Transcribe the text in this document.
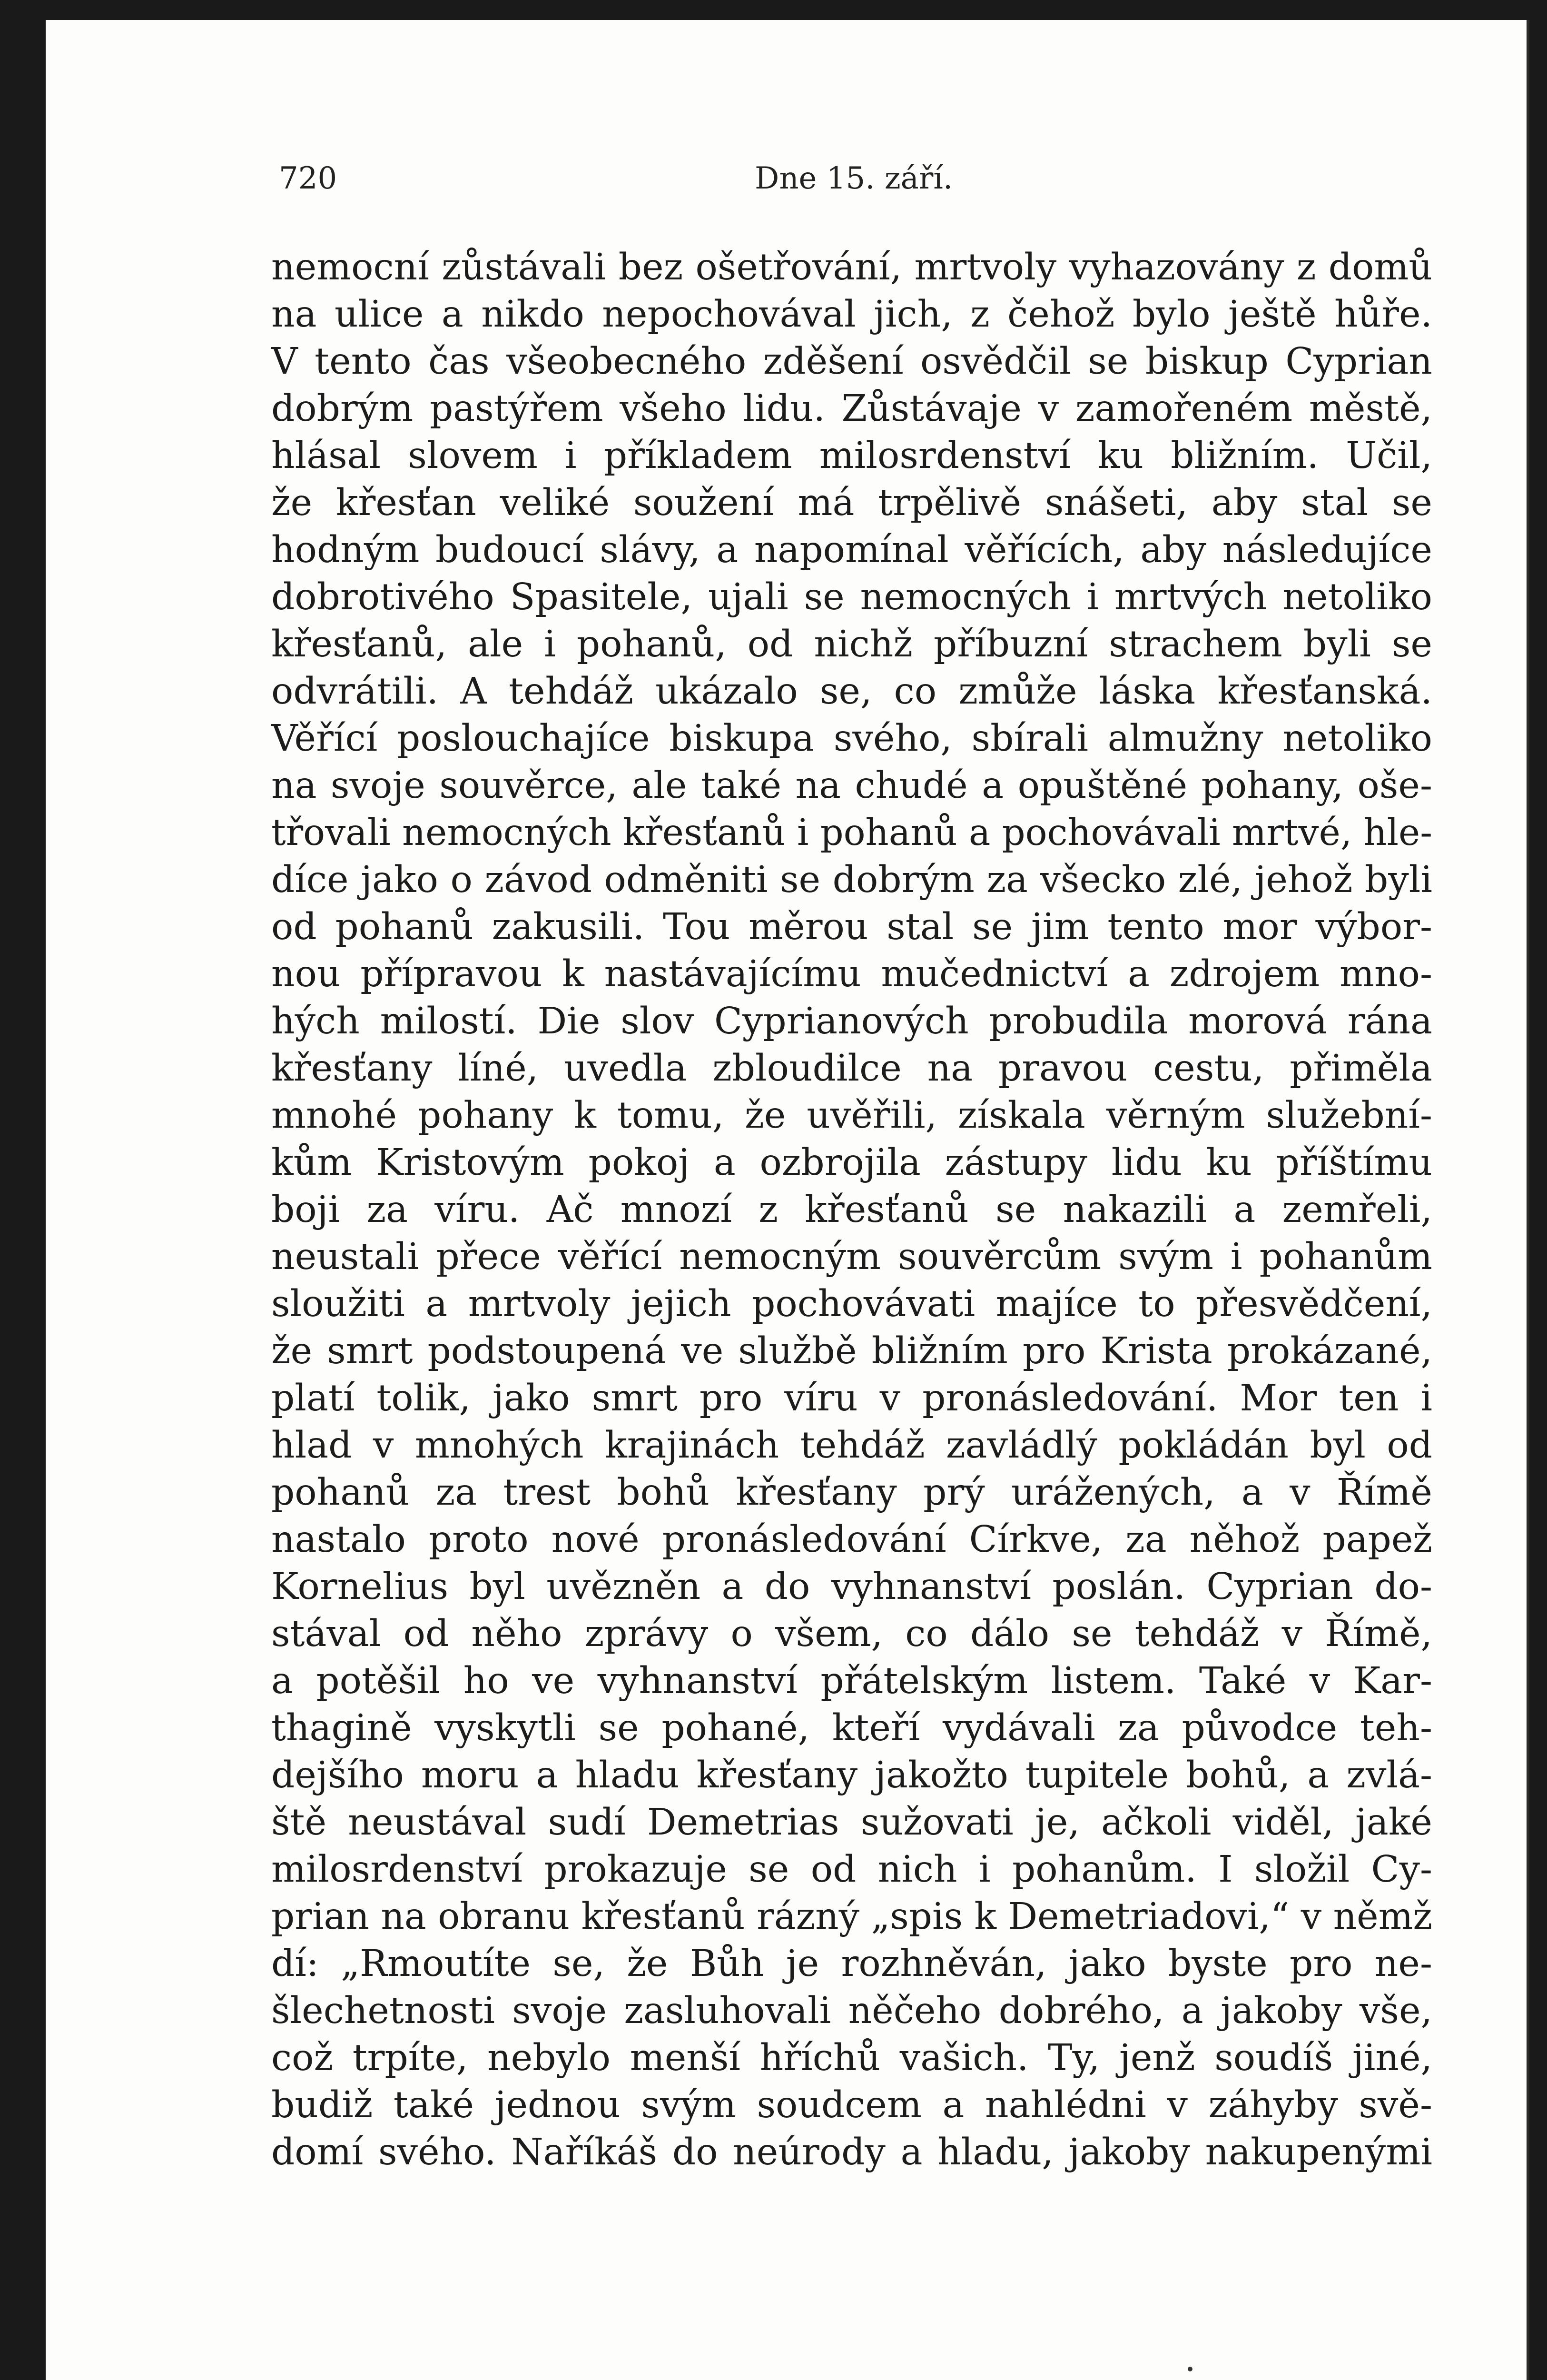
720	Dne 15. září.
nemocní zůstávali bez ošetřování, mrtvoly vyhazovány z domů
na ulice a nikdo nepochovával jich, z čehož bylo ještě hůře.
V tento čas všeobecného zděšení osvědčil se biskup Cyprian
dobrým pastýřem všeho lidu. Zůstávaje v zamořeném městě,
hlásal slovem i příkladem milosrdenství ku bližním. Učil,
že křesťan veliké soužení má trpělivě snášeti, aby stal se
hodným budoucí slávy, a napomínal věřících, aby následujíce
dobrotivého Spasitele, ujali se nemocných i mrtvých netoliko
křesťanů, ale i pohanů, od nichž příbuzní strachem byli se
odvrátili. A tehdáž ukázalo se, co zmůže láska křesťanská.
Věřící poslouchajíce biskupa svého, sbírali almužny netoliko
na svoje souvěrce, ale také na chudé a opuštěné pohany, oše-
třovali nemocných křesťanů i pohanů a pochovávali mrtvé, hle-
díce jako o závod odměniti se dobrým za všecko zlé, jehož byli
od pohanů zakusili. Tou měrou stal se jim tento mor výbor-
nou přípravou k nastávajícímu mučednictví a zdrojem mno-
hých milostí. Die slov Cyprianových probudila morová rána
křesťany líné, uvedla zbloudilce na pravou cestu, přiměla
mnohé pohany k tomu, že uvěřili, získala věrným služební-
kům Kristovým pokoj a ozbrojila zástupy lidu ku příštímu
boji za víru. Ač mnozí z křesťanů se nakazili a zemřeli,
neustali přece věřící nemocným souvěrcům svým i pohanům
sloužiti a mrtvoly jejich pochovávati majíce to přesvědčení,
že smrt podstoupená ve službě bližním pro Krista prokázané,
platí tolik, jako smrt pro víru v pronásledování. Mor ten i
hlad v mnohých krajinách tehdáž zavládlý pokládán byl od
pohanů za trest bohů křesťany prý urážených, a v Římě
nastalo proto nové pronásledování Církve, za něhož papež
Kornelius byl uvězněn a do vyhnanství poslán. Cyprian do-
stával od něho zprávy o všem, co dálo se tehdáž v Římě,
a potěšil ho ve vyhnanství přátelským listem. Také v Kar-
thagině vyskytli se pohané, kteří vydávali za původce teh-
dejšího moru a hladu křesťany jakožto tupitele bohů, a zvlá-
ště neustával sudí Demetrias sužovati je, ačkoli viděl, jaké
milosrdenství prokazuje se od nich i pohanům. I složil Cy-
prian na obranu křesťanů rázný „spis k Demetriadovi,“ v němž
dí: „Rmoutíte se, že Bůh je rozhněván, jako byste pro ne-
šlechetnosti svoje zasluhovali něčeho dobrého, a jakoby vše,
což trpíte, nebylo menší hříchů vašich. Ty, jenž soudíš jiné,
budiž také jednou svým soudcem a nahlédni v záhyby svě-
domí svého. Naříkáš do neúrody a hladu, jakoby nakupenými
